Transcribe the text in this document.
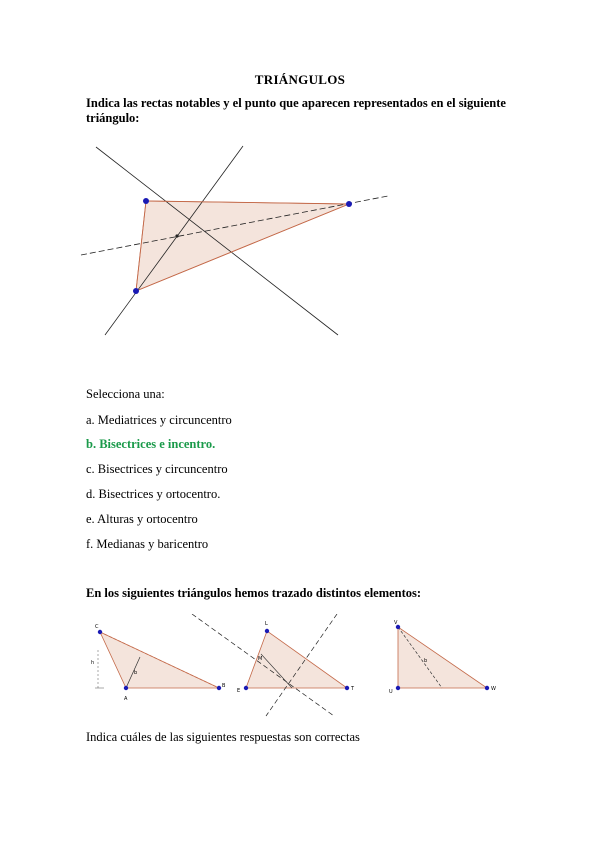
TRIÁNGULOS
Indica las rectas notables y el punto que aparecen representados en el siguiente triángulo:
Selecciona una:
a. Mediatrices y circuncentro
b. Bisectrices e incentro.
c. Bisectrices y circuncentro
d. Bisectrices y ortocentro.
e. Alturas y ortocentro
f. Medianas y baricentro
En los siguientes triángulos hemos trazado distintos elementos:
C
A
B
h
b
L
M
T
E
V
W
U
b
Indica cuáles de las siguientes respuestas son correctas
